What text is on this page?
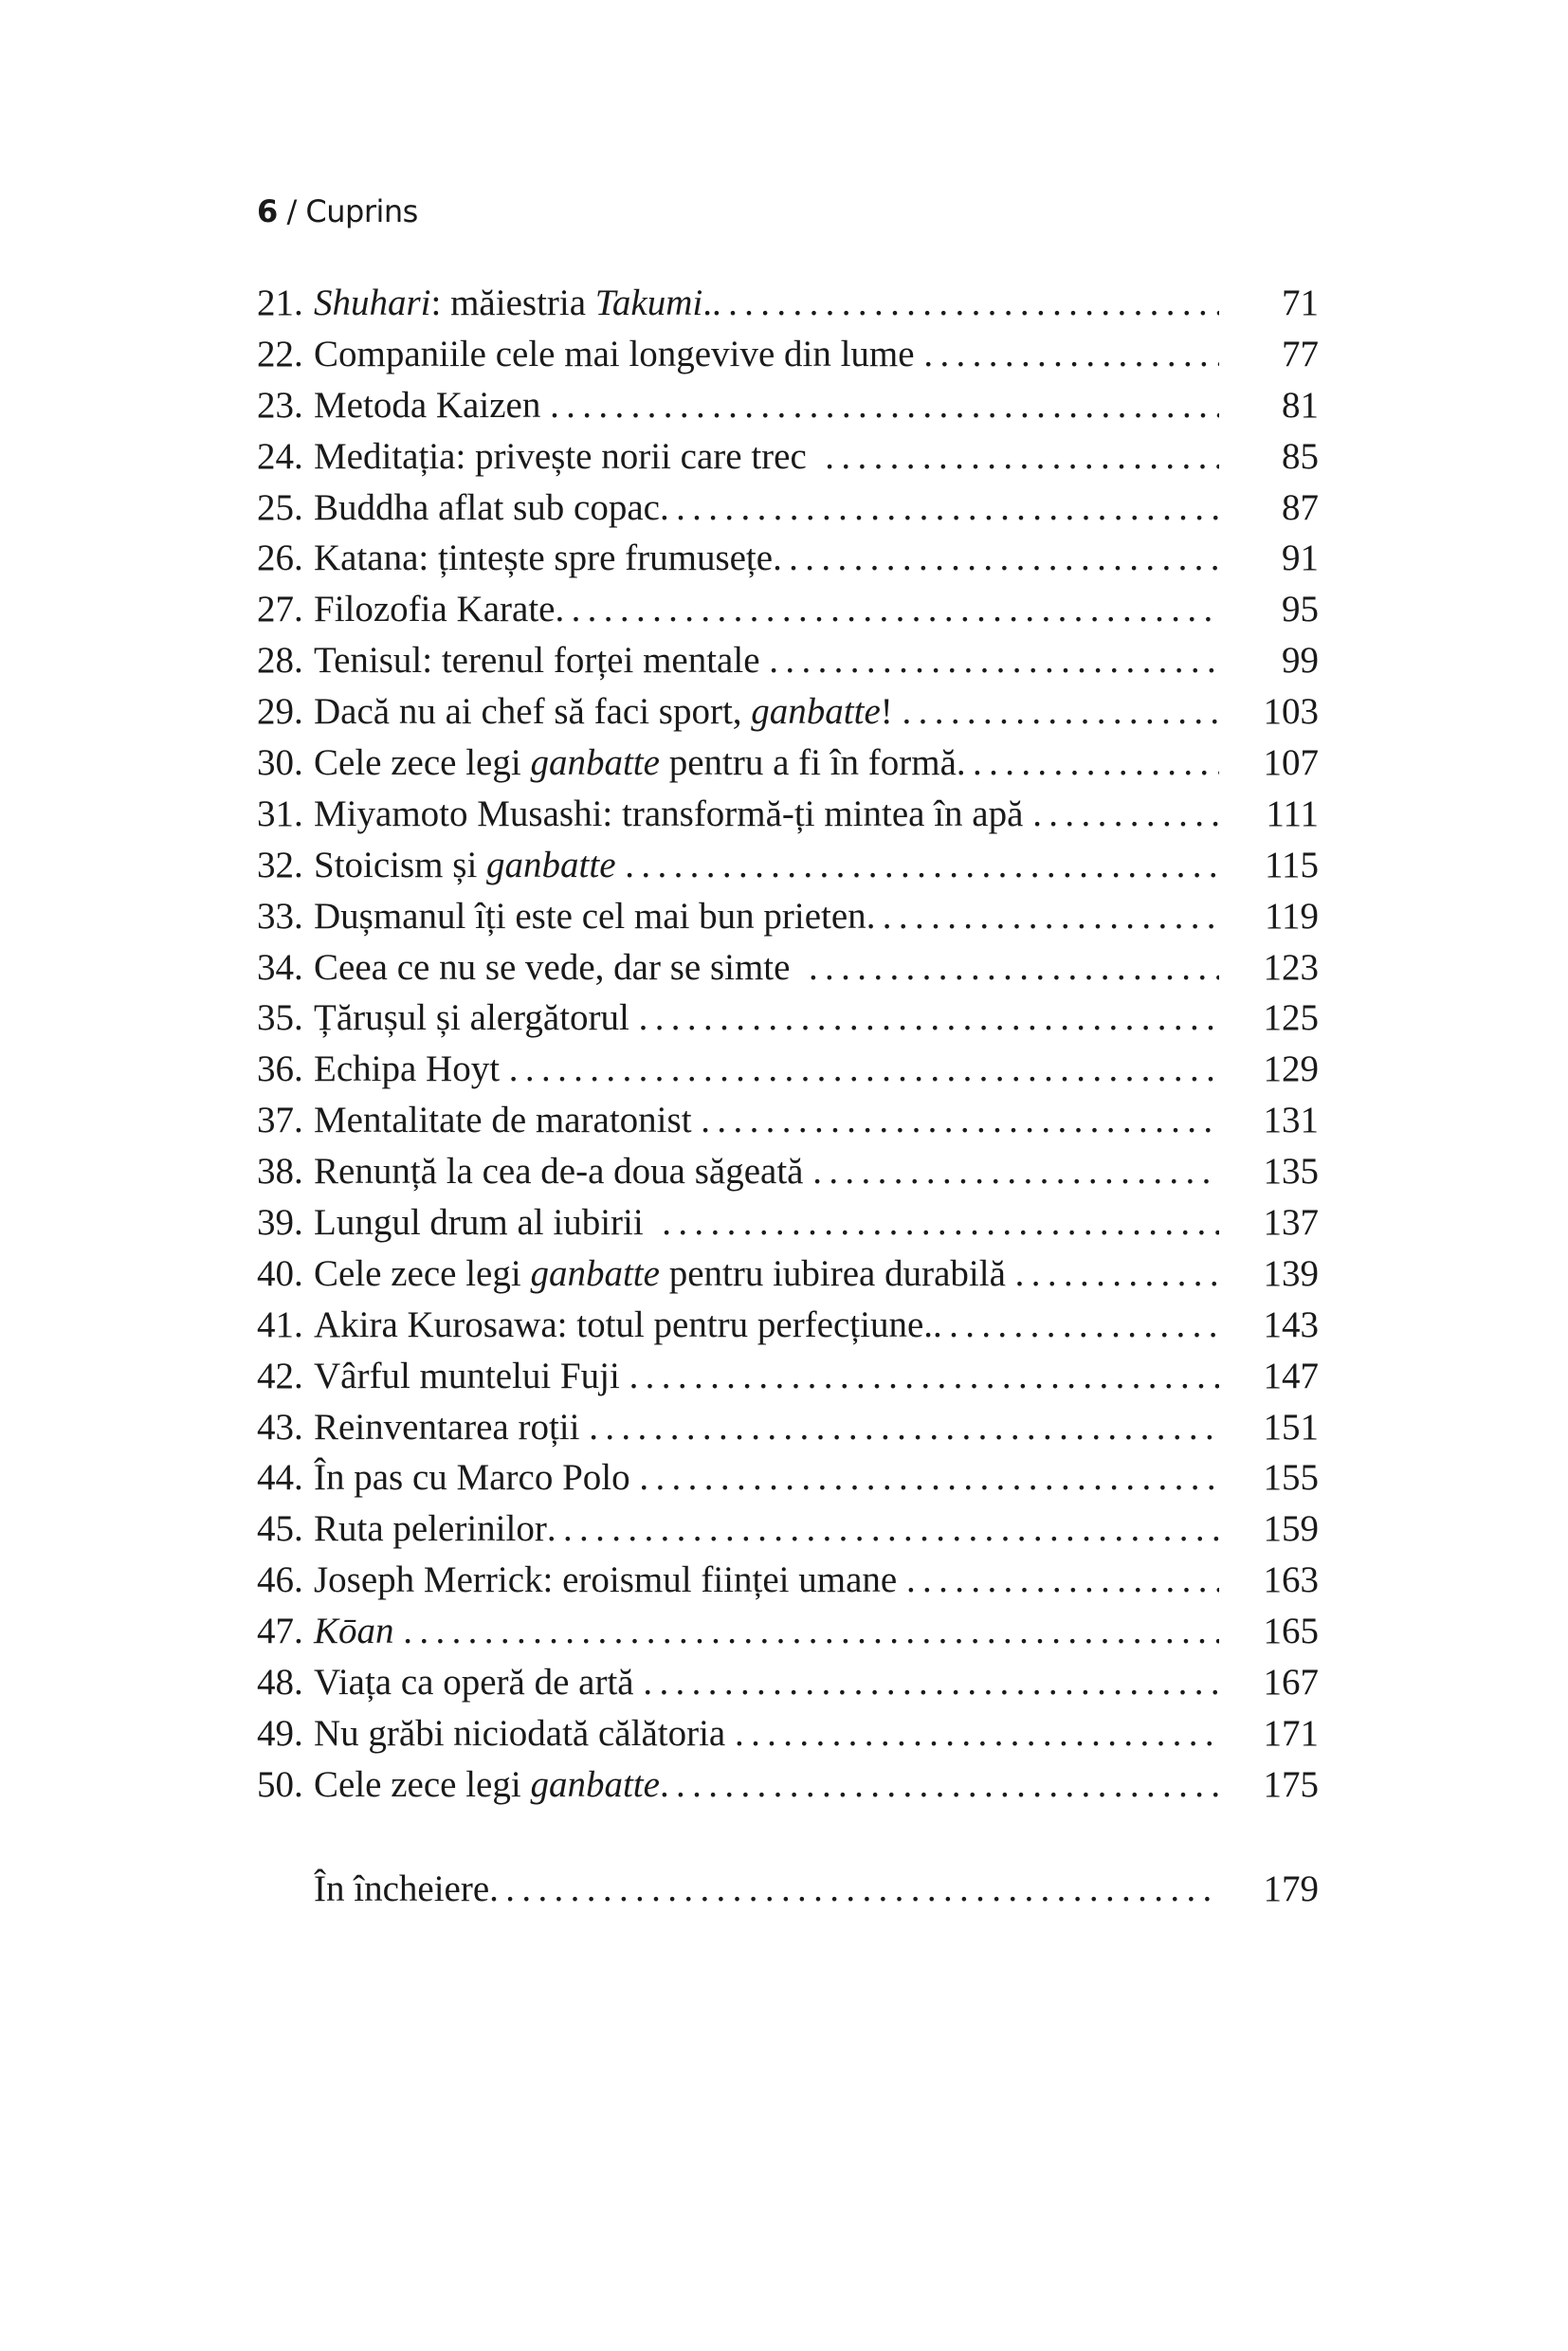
6 / Cuprins
21. Shuhari: măiestria Takumi. . . .	71
22. Companiile cele mai longevive din lume . . .	77
23. Metoda Kaizen . . .	81
24. Meditația: privește norii care trec . . .	85
25. Buddha aflat sub copac . . .	87
26. Katana: țintește spre frumusețe . . .	91
27. Filozofia Karate . . .	95
28. Tenisul: terenul forței mentale . . .	99
29. Dacă nu ai chef să faci sport, ganbatte! . . .	103
30. Cele zece legi ganbatte pentru a fi în formă . . .	107
31. Miyamoto Musashi: transformă-ți mintea în apă . . .	111
32. Stoicism și ganbatte . . .	115
33. Dușmanul îți este cel mai bun prieten . . .	119
34. Ceea ce nu se vede, dar se simte . . .	123
35. Țărușul și alergătorul . . .	125
36. Echipa Hoyt . . .	129
37. Mentalitate de maratonist . . .	131
38. Renunță la cea de-a doua săgeată . . .	135
39. Lungul drum al iubirii . . .	137
40. Cele zece legi ganbatte pentru iubirea durabilă . . .	139
41. Akira Kurosawa: totul pentru perfecțiune. . . .	143
42. Vârful muntelui Fuji . . .	147
43. Reinventarea roții . . .	151
44. În pas cu Marco Polo . . .	155
45. Ruta pelerinilor . . .	159
46. Joseph Merrick: eroismul ființei umane . . .	163
47. Kōan . . .	165
48. Viața ca operă de artă . . .	167
49. Nu grăbi niciodată călătoria . . .	171
50. Cele zece legi ganbatte . . .	175
În încheiere . . .	179
